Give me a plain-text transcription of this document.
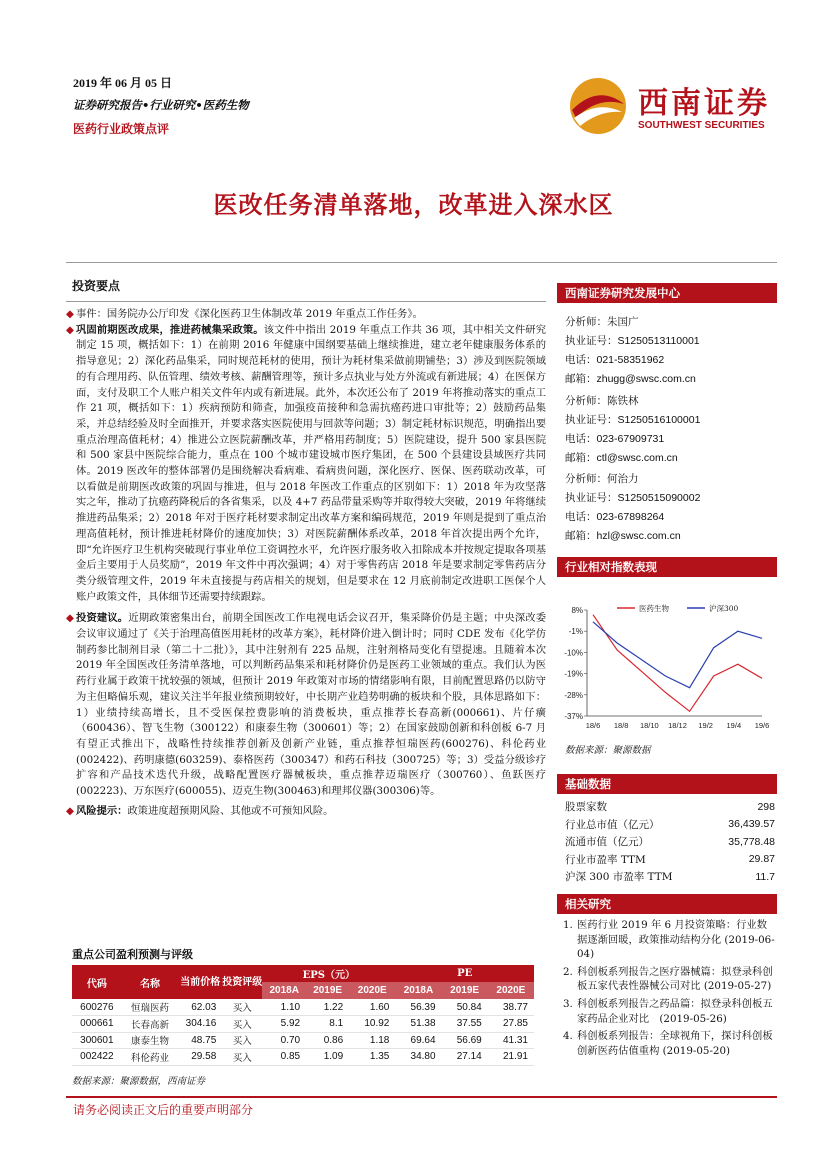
2019 年 06 月 05 日
证券研究报告•行业研究•医药生物
医药行业政策点评
西南证券
SOUTHWEST SECURITIES
医改任务清单落地，改革进入深水区
投资要点
◆ 事件：国务院办公厅印发《深化医药卫生体制改革 2019 年重点工作任务》。
◆ 巩固前期医改成果，推进药械集采政策。该文件中指出 2019 年重点工作共 36 项，其中相关文件研究制定 15 项，概括如下：1）在前期 2016 年健康中国纲要基础上继续推进，建立老年健康服务体系的指导意见；2）深化药品集采，同时规范耗材的使用，预计为耗材集采做前期铺垫；3）涉及到医院领域的有合理用药、队伍管理、绩效考核、薪酬管理等，预计多点执业与处方外流或有新进展；4）在医保方面，支付及职工个人账户相关文件年内或有新进展。此外，本次还公布了 2019 年将推动落实的重点工作 21 项，概括如下：1）疾病预防和筛查，加强疫苗接种和急需抗癌药进口审批等；2）鼓励药品集采，并总结经验及时全面推开，并要求落实医院使用与回款等问题；3）制定耗材标识规范，明确指出要重点治理高值耗材；4）推进公立医院薪酬改革，并严格用药制度；5）医院建设，提升 500 家县医院和 500 家县中医院综合能力，重点在 100 个城市建设城市医疗集团，在 500 个县建设县域医疗共同体。2019 医改年的整体部署仍是围绕解决看病难、看病贵问题，深化医疗、医保、医药联动改革，可以看做是前期医改政策的巩固与推进，但与 2018 年医改工作重点的区别如下：1）2018 年为攻坚落实之年，推动了抗癌药降税后的各省集采，以及 4+7 药品带量采购等并取得较大突破，2019 年将继续推进药品集采；2）2018 年对于医疗耗材要求制定出改革方案和编码规范，2019 年则是提到了重点治理高值耗材，预计推进耗材降价的速度加快；3）对医院薪酬体系改革，2018 年首次提出两个允许，即“允许医疗卫生机构突破现行事业单位工资调控水平，允许医疗服务收入扣除成本并按规定提取各项基金后主要用于人员奖励”，2019 年文件中再次强调；4）对于零售药店 2018 年是要求制定零售药店分类分级管理文件，2019 年未直接提与药店相关的规划，但是要求在 12 月底前制定改进职工医保个人账户政策文件，具体细节还需要持续跟踪。
◆ 投资建议。近期政策密集出台，前期全国医改工作电视电话会议召开，集采降价仍是主题；中央深改委会议审议通过了《关于治理高值医用耗材的改革方案》，耗材降价进入倒计时；同时 CDE 发布《化学仿制药参比制剂目录（第二十二批）》，其中注射剂有 225 品规，注射剂格局变化有望提速。且随着本次 2019 年全国医改任务清单落地，可以判断药品集采和耗材降价仍是医药工业领域的重点。我们认为医药行业属于政策干扰较强的领域，但预计 2019 年政策对市场的情绪影响有限，目前配置思路仍以防守为主但略偏乐观，建议关注半年报业绩预期较好，中长期产业趋势明确的板块和个股，具体思路如下：1）业绩持续高增长，且不受医保控费影响的消费板块，重点推荐长春高新(000661)、片仔癀（600436）、智飞生物（300122）和康泰生物（300601）等；2）在国家鼓励创新和科创板 6-7 月有望正式推出下，战略性持续推荐创新及创新产业链，重点推荐恒瑞医药(600276)、科伦药业(002422)、药明康德(603259)、泰格医药（300347）和药石科技（300725）等；3）受益分级诊疗扩容和产品技术迭代升级，战略配置医疗器械板块，重点推荐迈瑞医疗（300760）、鱼跃医疗(002223)、万东医疗(600055)、迈克生物(300463)和理邦仪器(300306)等。
◆ 风险提示：政策进度超预期风险、其他或不可预知风险。
重点公司盈利预测与评级
代码	名称	当前价格	投资评级	EPS（元）			PE		
				2018A	2019E	2020E	2018A	2019E	2020E
600276	恒瑞医药	62.03	买入	1.10	1.22	1.60	56.39	50.84	38.77
000661	长春高新	304.16	买入	5.92	8.1	10.92	51.38	37.55	27.85
300601	康泰生物	48.75	买入	0.70	0.86	1.18	69.64	56.69	41.31
002422	科伦药业	29.58	买入	0.85	1.09	1.35	34.80	27.14	21.91
数据来源：聚源数据，西南证券
西南证券研究发展中心
分析师：朱国广
执业证号：S1250513110001
电话：021-58351962
邮箱：zhugg@swsc.com.cn
分析师：陈铁林
执业证号：S1250516100001
电话：023-67909731
邮箱：ctl@swsc.com.cn
分析师：何治力
执业证号：S1250515090002
电话：023-67898264
邮箱：hzl@swsc.com.cn
行业相对指数表现
8%
-1%
-10%
-19%
-28%
-37%
18/6 18/8 18/10 18/12 19/2 19/4 19/6
医药生物	沪深300
数据来源：聚源数据
基础数据
股票家数	298
行业总市值（亿元）	36,439.57
流通市值（亿元）	35,778.48
行业市盈率 TTM	29.87
沪深 300 市盈率 TTM	11.7
相关研究
1. 医药行业 2019 年 6 月投资策略：行业数据逐渐回暖，政策推动结构分化 (2019-06-04)
2. 科创板系列报告之医疗器械篇：拟登录科创板五家代表性器械公司对比 (2019-05-27)
3. 科创板系列报告之药品篇：拟登录科创板五家药品企业对比　(2019-05-26)
4. 科创板系列报告：全球视角下，探讨科创板创新医药估值重构 (2019-05-20)
请务必阅读正文后的重要声明部分
